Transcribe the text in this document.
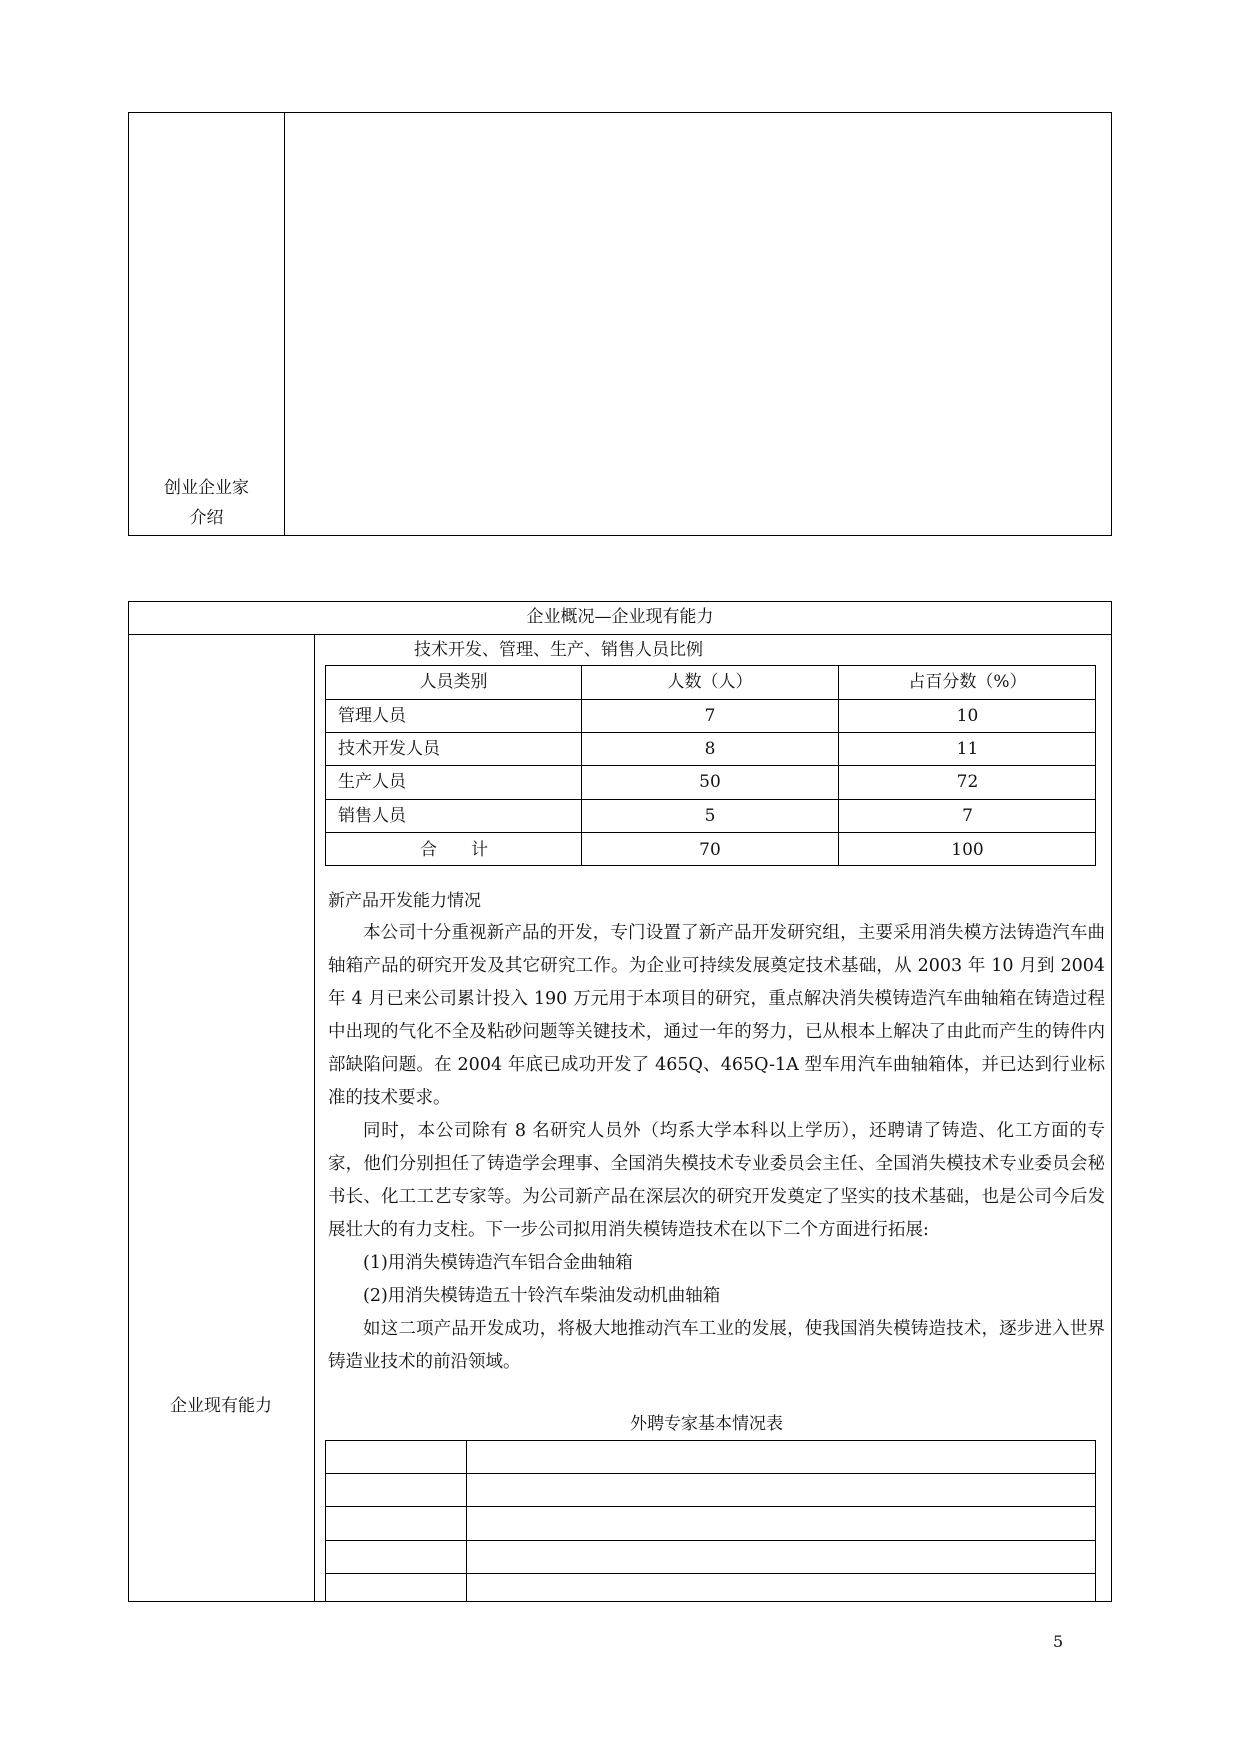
创业企业家
介绍
企业概况—企业现有能力
企业现有能力
技术开发、管理、生产、销售人员比例
人员类别	人数（人）	占百分数（%）
管理人员	7	10
技术开发人员	8	11
生产人员	50	72
销售人员	5	7
合　　计	70	100
新产品开发能力情况

本公司十分重视新产品的开发，专门设置了新产品开发研究组，主要采用消失模方法铸造汽车曲轴箱产品的研究开发及其它研究工作。为企业可持续发展奠定技术基础，从 2003 年 10 月到 2004 年 4 月已来公司累计投入 190 万元用于本项目的研究，重点解决消失模铸造汽车曲轴箱在铸造过程中出现的气化不全及粘砂问题等关键技术，通过一年的努力，已从根本上解决了由此而产生的铸件内部缺陷问题。在 2004 年底已成功开发了 465Q、465Q-1A 型车用汽车曲轴箱体，并已达到行业标准的技术要求。

同时，本公司除有 8 名研究人员外（均系大学本科以上学历），还聘请了铸造、化工方面的专家，他们分别担任了铸造学会理事、全国消失模技术专业委员会主任、全国消失模技术专业委员会秘书长、化工工艺专家等。为公司新产品在深层次的研究开发奠定了坚实的技术基础，也是公司今后发展壮大的有力支柱。下一步公司拟用消失模铸造技术在以下二个方面进行拓展:

(1)用消失模铸造汽车铝合金曲轴箱

(2)用消失模铸造五十铃汽车柴油发动机曲轴箱

如这二项产品开发成功，将极大地推动汽车工业的发展，使我国消失模铸造技术，逐步进入世界铸造业技术的前沿领域。

外聘专家基本情况表
5
